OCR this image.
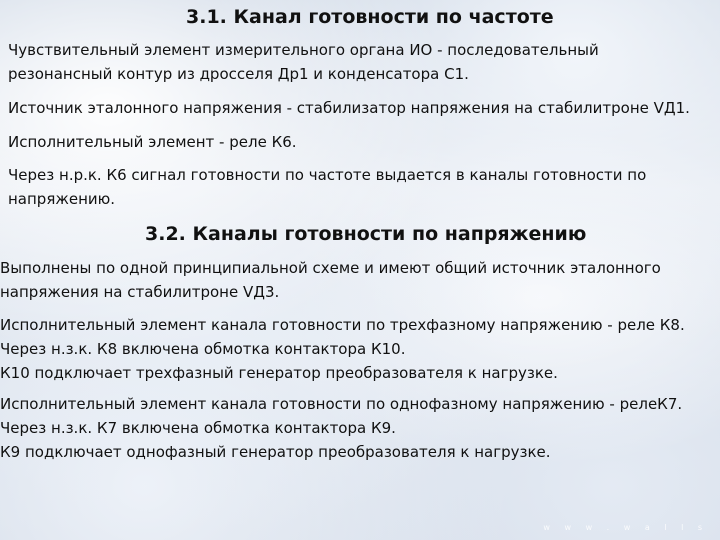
3.1. Канал готовности по частоте

Чувствительный элемент измерительного органа ИО - последовательный
резонансный контур из дросселя Др1 и конденсатора С1.

Источник эталонного напряжения - стабилизатор напряжения на стабилитроне VД1.

Исполнительный элемент - реле К6.

Через н.р.к. К6 сигнал готовности по частоте выдается в каналы готовности по
напряжению.

3.2. Каналы готовности по напряжению

Выполнены по одной принципиальной схеме и имеют общий источник эталонного
напряжения на стабилитроне VД3.

Исполнительный элемент канала готовности по трехфазному напряжению - реле К8.
Через н.з.к. К8 включена обмотка контактора К10.
К10 подключает трехфазный генератор преобразователя к нагрузке.

Исполнительный элемент канала готовности по однофазному напряжению - релеК7.
Через н.з.к. К7 включена обмотка контактора К9.
К9 подключает однофазный генератор преобразователя к нагрузке.

w w w . w a l l s
